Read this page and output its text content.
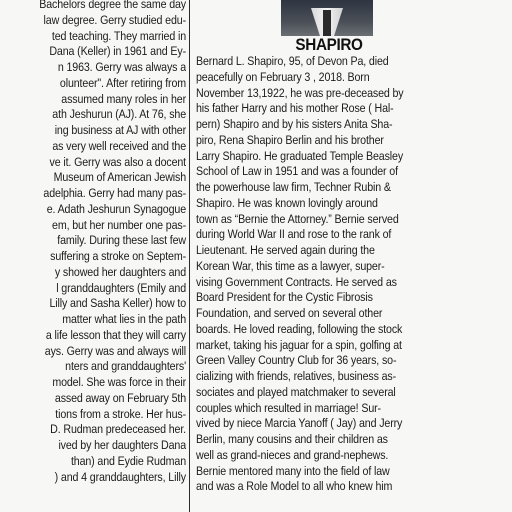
Bachelors degree the same day
law degree. Gerry studied edu-
ted teaching. They married in
Dana (Keller) in 1961 and Ey-
n 1963. Gerry was always a
olunteer". After retiring from
assumed many roles in her
ath Jeshurun (AJ). At 76, she
ing business at AJ with other
as very well received and the
ve it. Gerry was also a docent
Museum of American Jewish
adelphia. Gerry had many pas-
e. Adath Jeshurun Synagogue
em, but her number one pas-
family. During these last few
suffering a stroke on Septem-
y showed her daughters and
l granddaughters (Emily and
Lilly and Sasha Keller) how to
matter what lies in the path
a life lesson that they will carry
ays. Gerry was and always will
nters and granddaughters'
model. She was force in their
assed away on February 5th
tions from a stroke. Her hus-
D. Rudman predeceased her.
ived by her daughters Dana
than) and Eydie Rudman
) and 4 granddaughters, Lilly
SHAPIRO
Bernard L. Shapiro, 95, of Devon Pa, died
peacefully on February 3 , 2018. Born
November 13,1922, he was pre-deceased by
his father Harry and his mother Rose ( Hal-
pern) Shapiro and by his sisters Anita Sha-
piro, Rena Shapiro Berlin and his brother
Larry Shapiro. He graduated Temple Beasley
School of Law in 1951 and was a founder of
the powerhouse law firm, Techner Rubin &
Shapiro. He was known lovingly around
town as “Bernie the Attorney.” Bernie served
during World War II and rose to the rank of
Lieutenant. He served again during the
Korean War, this time as a lawyer, super-
vising Government Contracts. He served as
Board President for the Cystic Fibrosis
Foundation, and served on several other
boards. He loved reading, following the stock
market, taking his jaguar for a spin, golfing at
Green Valley Country Club for 36 years, so-
cializing with friends, relatives, business as-
sociates and played matchmaker to several
couples which resulted in marriage! Sur-
vived by niece Marcia Yanoff ( Jay) and Jerry
Berlin, many cousins and their children as
well as grand-nieces and grand-nephews.
Bernie mentored many into the field of law
and was a Role Model to all who knew him
